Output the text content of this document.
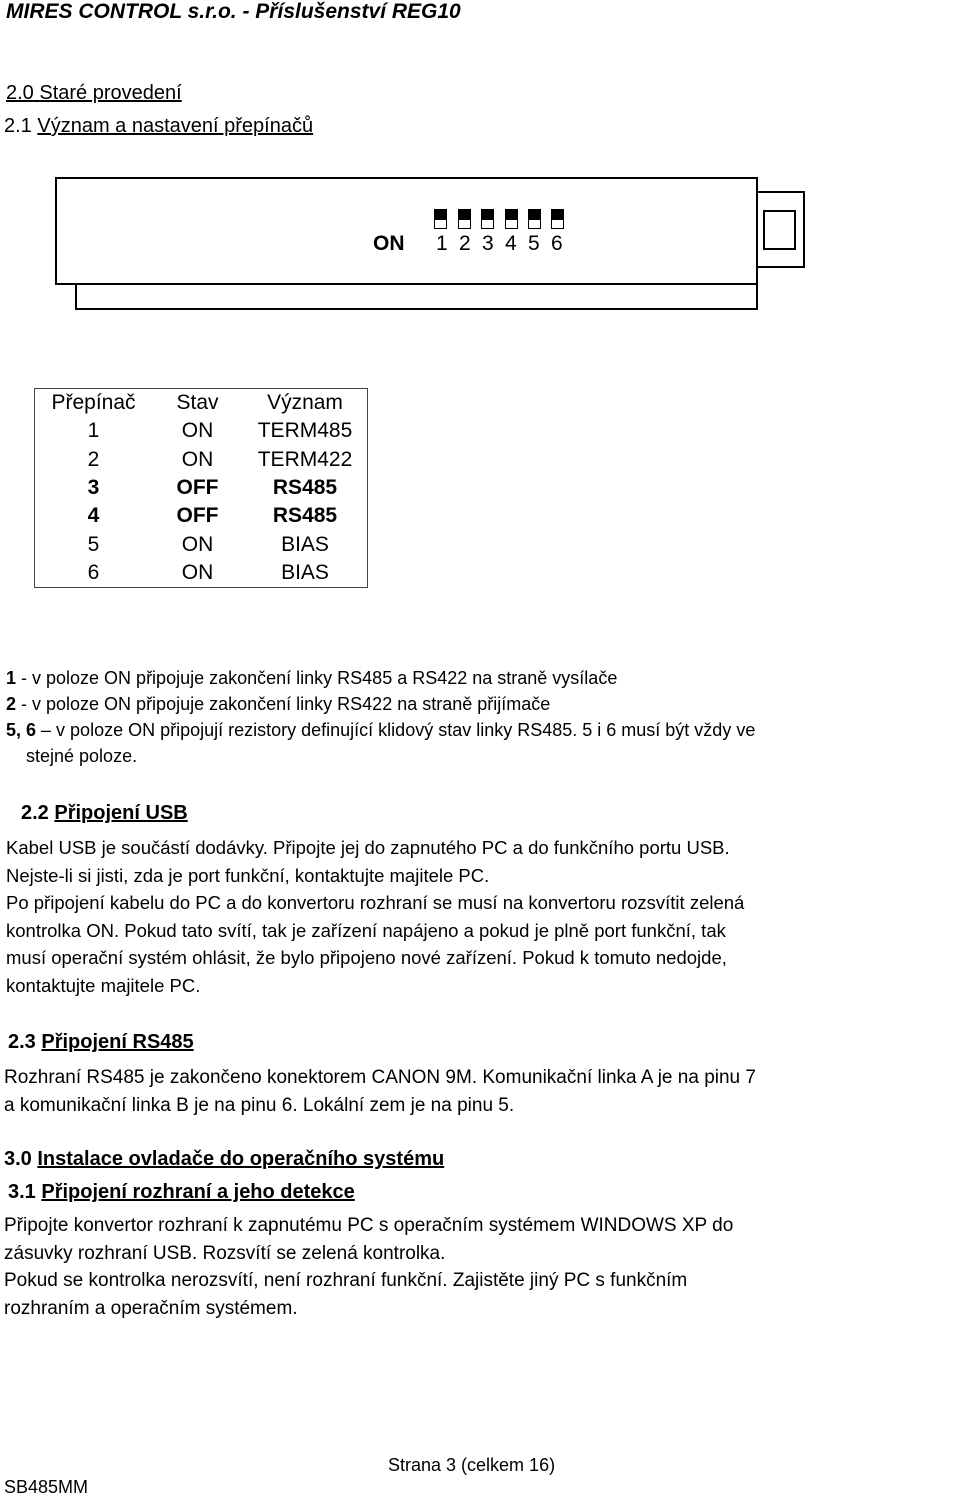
MIRES CONTROL s.r.o. - Příslušenství REG10
2.0 Staré provedení
2.1 Význam a nastavení přepínačů
ON 1 2 3 4 5 6
Přepínač	Stav	Význam
1	ON	TERM485
2	ON	TERM422
3	OFF	RS485
4	OFF	RS485
5	ON	BIAS
6	ON	BIAS
1 - v poloze ON připojuje zakončení linky RS485 a RS422 na straně vysílače
2 - v poloze ON připojuje zakončení linky RS422 na straně přijímače
5, 6 – v poloze ON připojují rezistory definující klidový stav linky RS485. 5 i 6 musí být vždy ve
stejné poloze.
2.2 Připojení USB
Kabel USB je součástí dodávky. Připojte jej do zapnutého PC a do funkčního portu USB.
Nejste-li si jisti, zda je port funkční, kontaktujte majitele PC.
Po připojení kabelu do PC a do konvertoru rozhraní se musí na konvertoru rozsvítit zelená
kontrolka ON. Pokud tato svítí, tak je zařízení napájeno a pokud je plně port funkční, tak
musí operační systém ohlásit, že bylo připojeno nové zařízení. Pokud k tomuto nedojde,
kontaktujte majitele PC.
2.3 Připojení RS485
Rozhraní RS485 je zakončeno konektorem CANON 9M. Komunikační linka A je na pinu 7
a komunikační linka B je na pinu 6. Lokální zem je na pinu 5.
3.0 Instalace ovladače do operačního systému
3.1 Připojení rozhraní a jeho detekce
Připojte konvertor rozhraní k zapnutému PC s operačním systémem WINDOWS XP do
zásuvky rozhraní USB. Rozsvítí se zelená kontrolka.
Pokud se kontrolka nerozsvítí, není rozhraní funkční. Zajistěte jiný PC s funkčním
rozhraním a operačním systémem.
Strana 3 (celkem 16)
SB485MM
